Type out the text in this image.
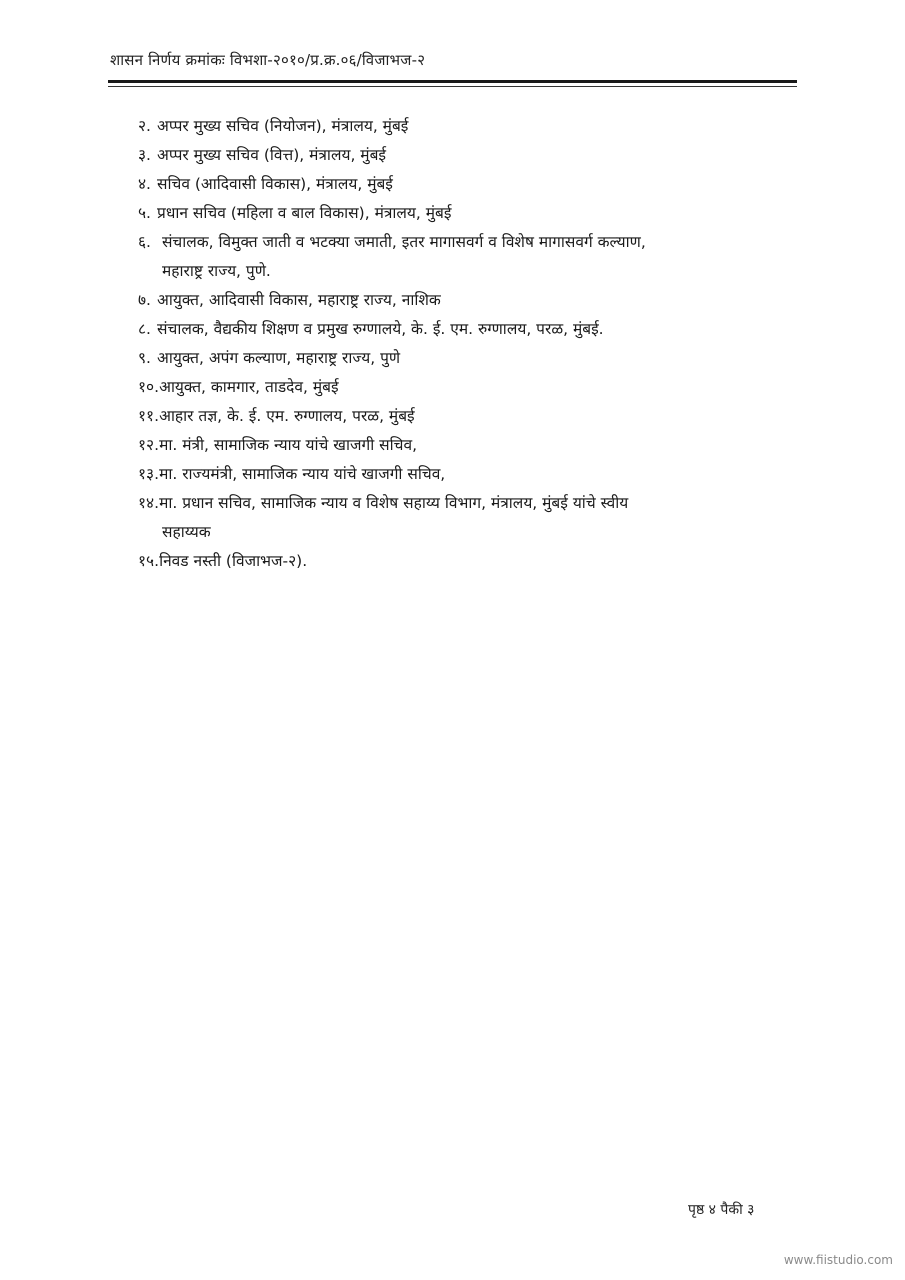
शासन निर्णय क्रमांकः विभशा-२०१०/प्र.क्र.०६/विजाभज-२
२. अप्पर मुख्य सचिव (नियोजन), मंत्रालय, मुंबई
३. अप्पर मुख्य सचिव (वित्त), मंत्रालय, मुंबई
४. सचिव (आदिवासी विकास), मंत्रालय, मुंबई
५. प्रधान सचिव (महिला व बाल विकास), मंत्रालय, मुंबई
६. संचालक, विमुक्त जाती व भटक्या जमाती, इतर मागासवर्ग व विशेष मागासवर्ग कल्याण,
महाराष्ट्र राज्य, पुणे.
७. आयुक्त, आदिवासी विकास, महाराष्ट्र राज्य, नाशिक
८. संचालक, वैद्यकीय शिक्षण व प्रमुख रुग्णालये, के. ई. एम. रुग्णालय, परळ, मुंबई.
९. आयुक्त, अपंग कल्याण, महाराष्ट्र राज्य, पुणे
१०. आयुक्त, कामगार, ताडदेव, मुंबई
११. आहार तज्ञ, के. ई. एम. रुग्णालय, परळ, मुंबई
१२. मा. मंत्री, सामाजिक न्याय यांचे खाजगी सचिव,
१३. मा. राज्यमंत्री, सामाजिक न्याय यांचे खाजगी सचिव,
१४.मा. प्रधान सचिव, सामाजिक न्याय व विशेष सहाय्य विभाग, मंत्रालय, मुंबई यांचे स्वीय
सहाय्यक
१५. निवड नस्ती (विजाभज-२).
पृष्ठ ४ पैकी ३
www.fiistudio.com
